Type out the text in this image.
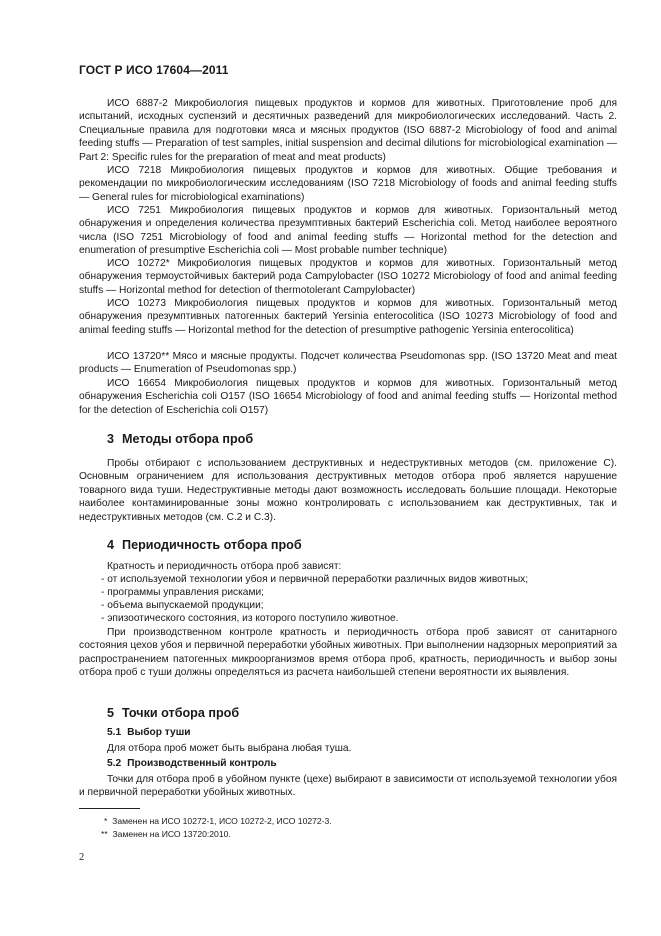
ГОСТ Р ИСО 17604—2011

ИСО 6887-2 Микробиология пищевых продуктов и кормов для животных. Приготовление проб для испытаний, исходных суспензий и десятичных разведений для микробиологических исследований. Часть 2. Специальные правила для подготовки мяса и мясных продуктов (ISO 6887-2 Microbiology of food and animal feeding stuffs — Preparation of test samples, initial suspension and decimal dilutions for microbiological examination — Part 2: Specific rules for the preparation of meat and meat products)

ИСО 7218 Микробиология пищевых продуктов и кормов для животных. Общие требования и рекомендации по микробиологическим исследованиям (ISO 7218 Microbiology of foods and animal feeding stuffs — General rules for microbiological examinations)

ИСО 7251 Микробиология пищевых продуктов и кормов для животных. Горизонтальный метод обнаружения и определения количества презумптивных бактерий Escherichia coli. Метод наиболее вероятного числа (ISO 7251 Microbiology of food and animal feeding stuffs — Horizontal method for the detection and enumeration of presumptive Escherichia coli — Most probable number technique)

ИСО 10272* Микробиология пищевых продуктов и кормов для животных. Горизонтальный метод обнаружения термоустойчивых бактерий рода Campylobacter (ISO 10272 Microbiology of food and animal feeding stuffs — Horizontal method for detection of thermotolerant Campylobacter)

ИСО 10273 Микробиология пищевых продуктов и кормов для животных. Горизонтальный метод обнаружения презумптивных патогенных бактерий Yersinia enterocolitica (ISO 10273 Microbiology of food and animal feeding stuffs — Horizontal method for the detection of presumptive pathogenic Yersinia enterocolitica)

ИСО 13720** Мясо и мясные продукты. Подсчет количества Pseudomonas spp. (ISO 13720 Meat and meat products — Enumeration of Pseudomonas spp.)

ИСО 16654 Микробиология пищевых продуктов и кормов для животных. Горизонтальный метод обнаружения Escherichia coli O157 (ISO 16654 Microbiology of food and animal feeding stuffs — Horizontal method for the detection of Escherichia coli O157)

3 Методы отбора проб

Пробы отбирают с использованием деструктивных и недеструктивных методов (см. приложение С). Основным ограничением для использования деструктивных методов отбора проб является нарушение товарного вида туши. Недеструктивные методы дают возможность исследовать большие площади. Некоторые наиболее контаминированные зоны можно контролировать с использованием как деструктивных, так и недеструктивных методов (см. С.2 и С.3).

4 Периодичность отбора проб

Кратность и периодичность отбора проб зависят:

- от используемой технологии убоя и первичной переработки различных видов животных;

- программы управления рисками;

- объема выпускаемой продукции;

- эпизоотического состояния, из которого поступило животное.

При производственном контроле кратность и периодичность отбора проб зависят от санитарного состояния цехов убоя и первичной переработки убойных животных. При выполнении надзорных мероприятий за распространением патогенных микроорганизмов время отбора проб, кратность, периодичность и выбор зоны отбора проб с туши должны определяться из расчета наибольшей степени вероятности их выявления.

5 Точки отбора проб
5.1 Выбор туши

Для отбора проб может быть выбрана любая туша.

5.2 Производственный контроль

Точки для отбора проб в убойном пункте (цехе) выбирают в зависимости от используемой технологии убоя и первичной переработки убойных животных.

* Заменен на ИСО 10272-1, ИСО 10272-2, ИСО 10272-3.

** Заменен на ИСО 13720:2010.

2
